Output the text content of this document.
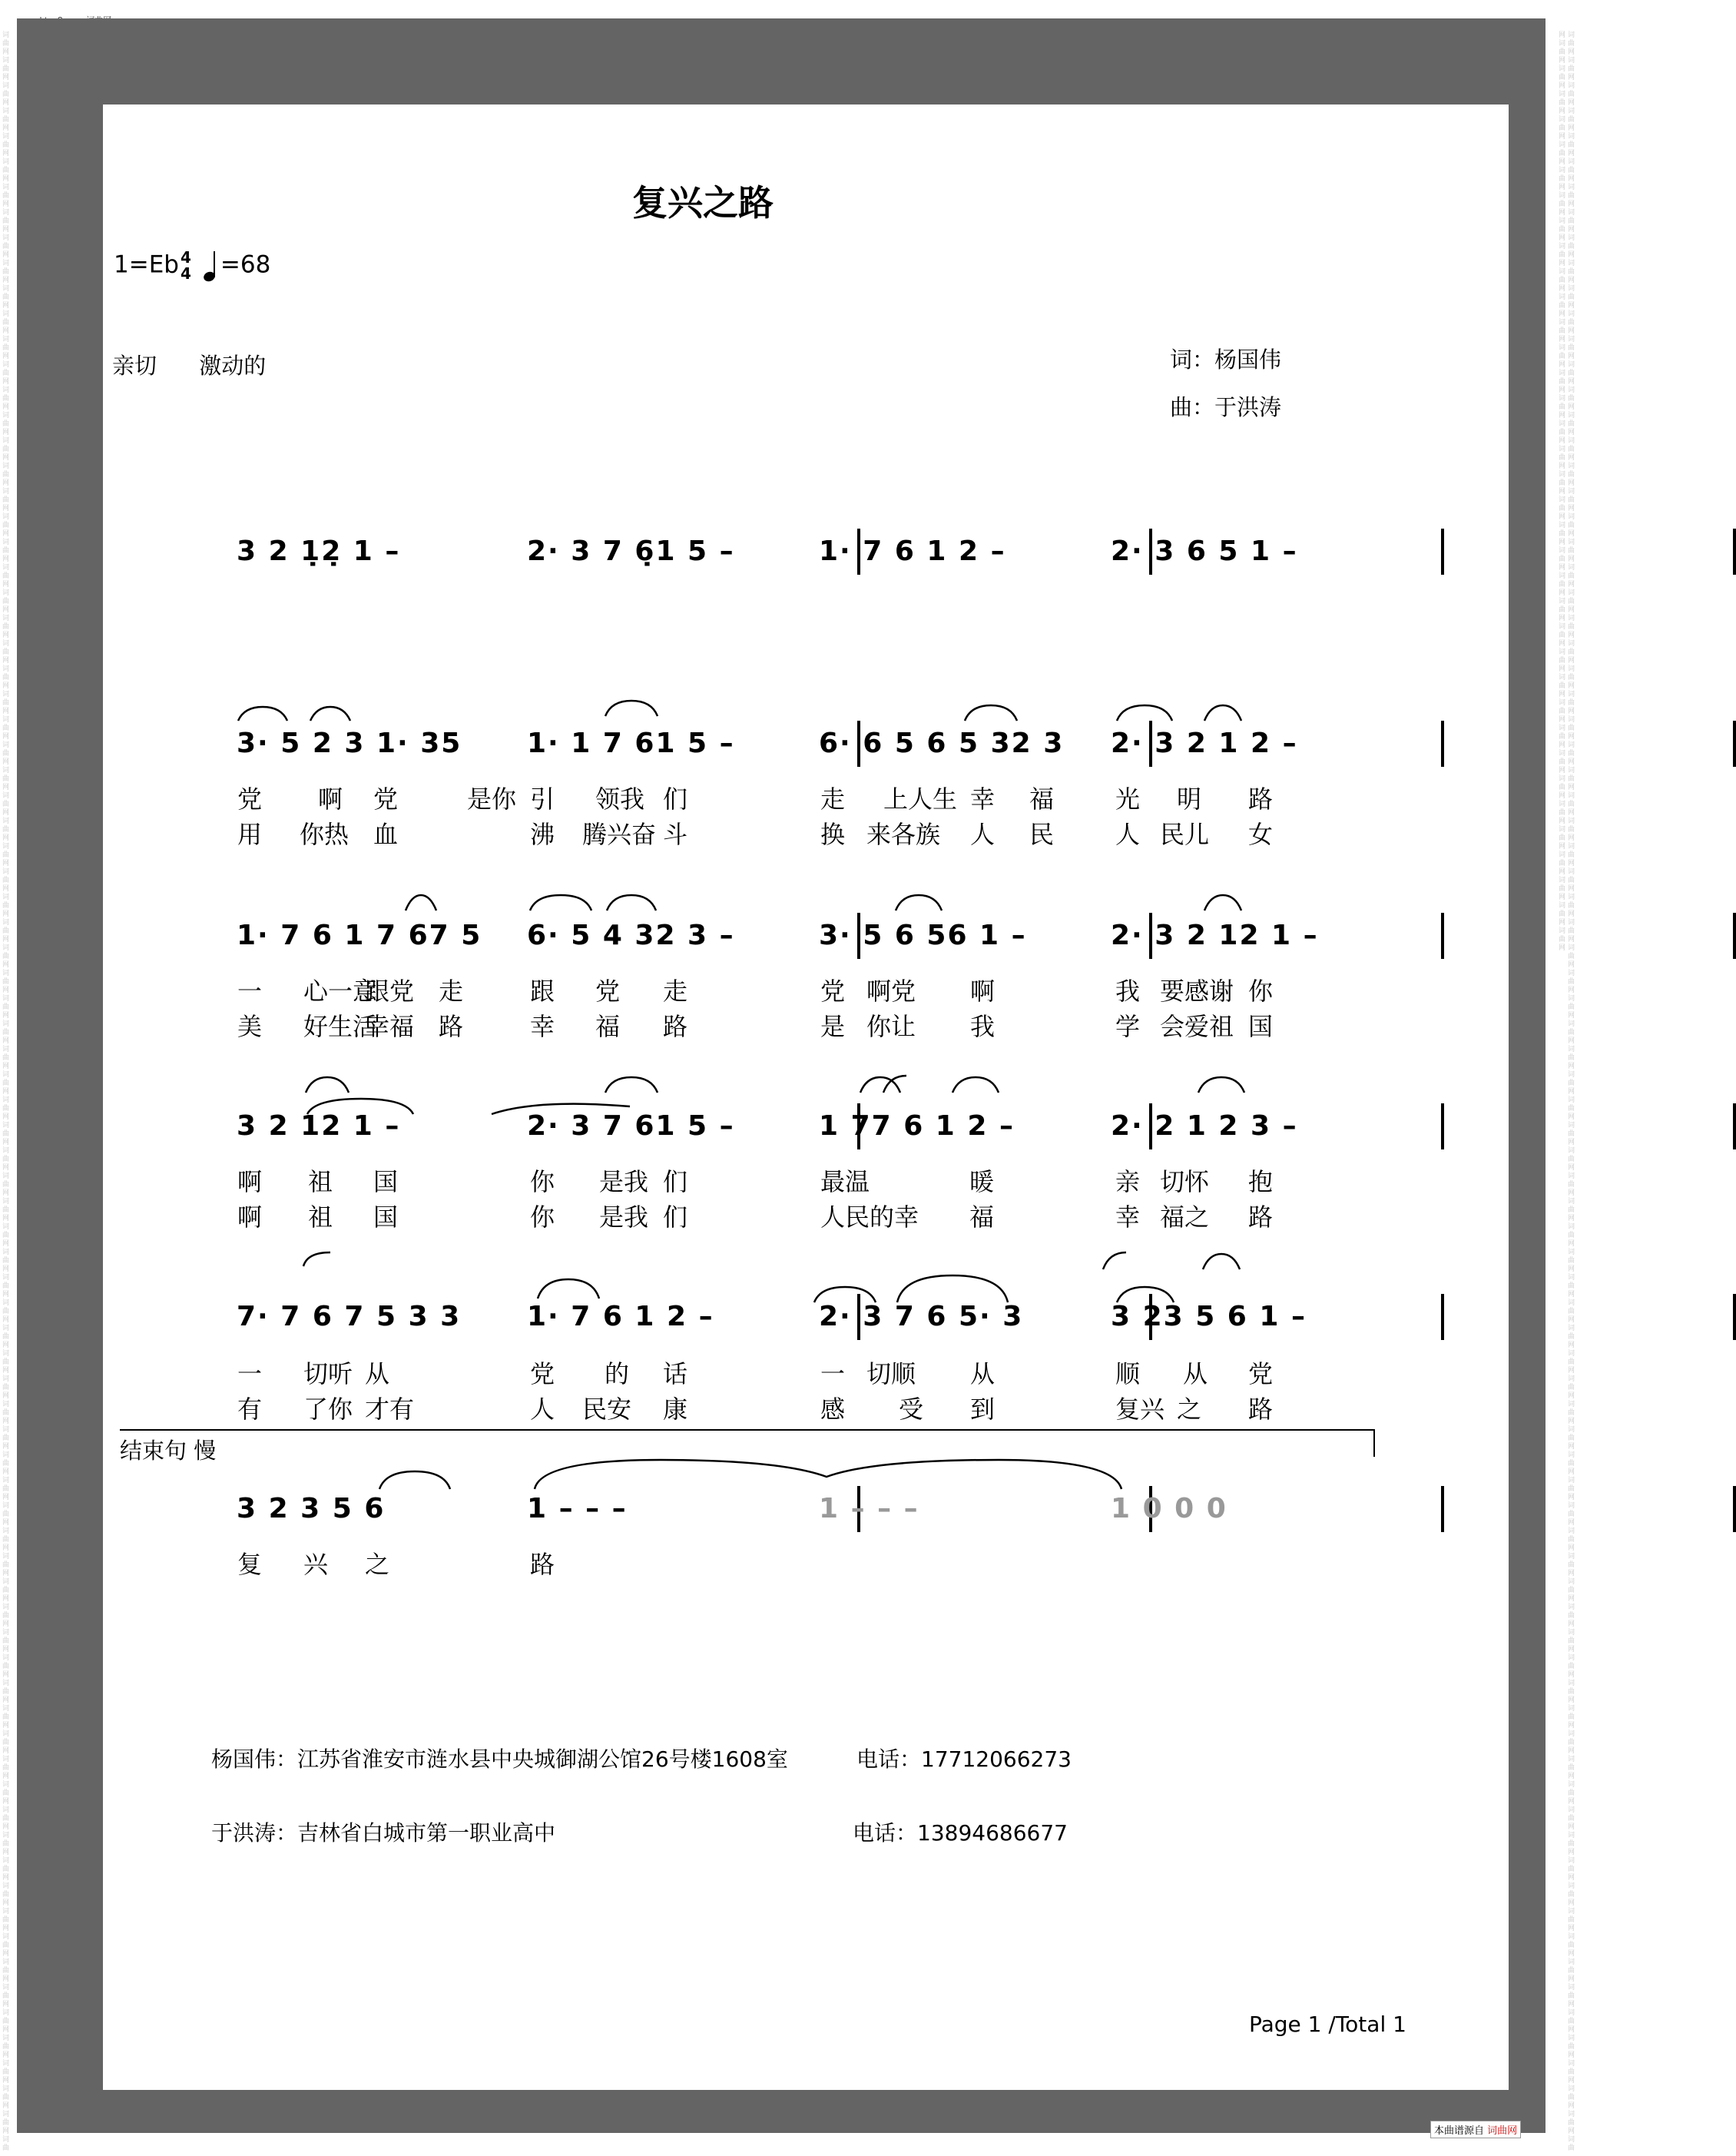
词曲网词曲网词曲网词曲网词曲网词曲网词曲网词曲网词曲网词曲网词曲网词曲网词曲网词曲网词曲网词曲网词曲网词曲网词曲网词曲网词曲网词曲网词曲网词曲网词曲网词曲网词曲网词曲网词曲网词曲网词曲网词曲网词曲网词曲网词曲网词曲网词曲网词曲网词曲网词曲网词曲网词曲网词曲网词曲网词曲网词曲网词曲网词曲网词曲网词曲网词曲网词曲网词曲网词曲网词曲网词曲网词曲网词曲网词曲网词曲网词曲网词曲网词曲网词曲网词曲网词曲网词曲网词曲网词曲网词曲网词曲网词曲网词曲网词曲网词曲网词曲网词曲网词曲网词曲网词曲网词曲网词曲网词曲网词曲	词曲网词曲网词曲网词曲网词曲网词曲网词曲网词曲网词曲网词曲网词曲网词曲网词曲网词曲网词曲网词曲网词曲网词曲网词曲网词曲网词曲网词曲网词曲网词曲网词曲网词曲网词曲网词曲网词曲网词曲网词曲网词曲网词曲网词曲网词曲网词曲网词曲网词曲网词曲网词曲网词曲网词曲网词曲网词曲网词曲网词曲网词曲网词曲网词曲网词曲网词曲网词曲网词曲网词曲网词曲网词曲网词曲网词曲网词曲网词曲网词曲网词曲网词曲网词曲网词曲网词曲网词曲网词曲网词曲网词曲网词曲网词曲网词曲网词曲网词曲网词曲网词曲网词曲网词曲网词曲网词曲网词曲网词曲网词曲网词曲网词曲网词曲网词曲网词曲网词曲网词曲网词曲网词曲网词曲网词曲网词曲网词曲网词曲网词曲网词曲网词曲网词曲网词曲网词曲网词曲网词曲网词曲网词曲网词曲网词曲网词曲网词曲网词曲网词曲网词曲网词曲网词曲网词曲网词曲网词曲网
复兴之路
1=Eb 4
4 =68
词：杨国伟
曲：于洪涛
亲切      激动的
3 2 1̣2̣ 1 –	2· 3 7 6̣1 5 –	1· 7 6 1 2 –	2· 3 6 5 1 –
3· 5 2 3 1· 35 1· 1 7 61 5 –	6· 6 5 6 5 32 3 2· 3 2 1 2 –
党 啊 党	是你 引 领我 们	走 上人生 幸 福 光 明 路
用 你热 血	沸 腾兴奋 斗	换 来各族 人 民 人 民儿 女
1· 7 6 1 7 67 5 6· 5 4 32 3 –	3· 5 6 56 1 –	2· 3 2 12 1 –
一 心一意
跟党 走	跟 党 走	党 啊党 啊	我 要感谢 你
美 好生活
幸福 路	幸 福 路	是 你让 我	学 会爱祖 国
3 2 12 1 –	2· 3 7 61 5 –	1 77 6 1 2 –	2· 2 1 2 3 –
啊 祖 国	你 是我 们	最温	暖	亲 切怀 抱
啊 祖 国	你 是我 们	人民的幸 福	幸 福之 路
7· 7 6 7 5 3 3 1· 7 6 1 2 –	2· 3 7 6 5· 3	3 23 5 6 1 –
一 切听 从	党 的 话	一 切顺 从	顺 从 党
有 了你 才有	人 民安 康	感 受 到	复兴 之 路
3 2 3 5 6	1 – – –	1 – – –	1 0 0 0
复 兴 之	路
结束句 慢
杨国伟：江苏省淮安市涟水县中央城御湖公馆26号楼1608室	电话：17712066273
于洪涛：吉林省白城市第一职业高中	电话：13894686677
Page 1 /Total 1
本曲谱源自 词曲网
